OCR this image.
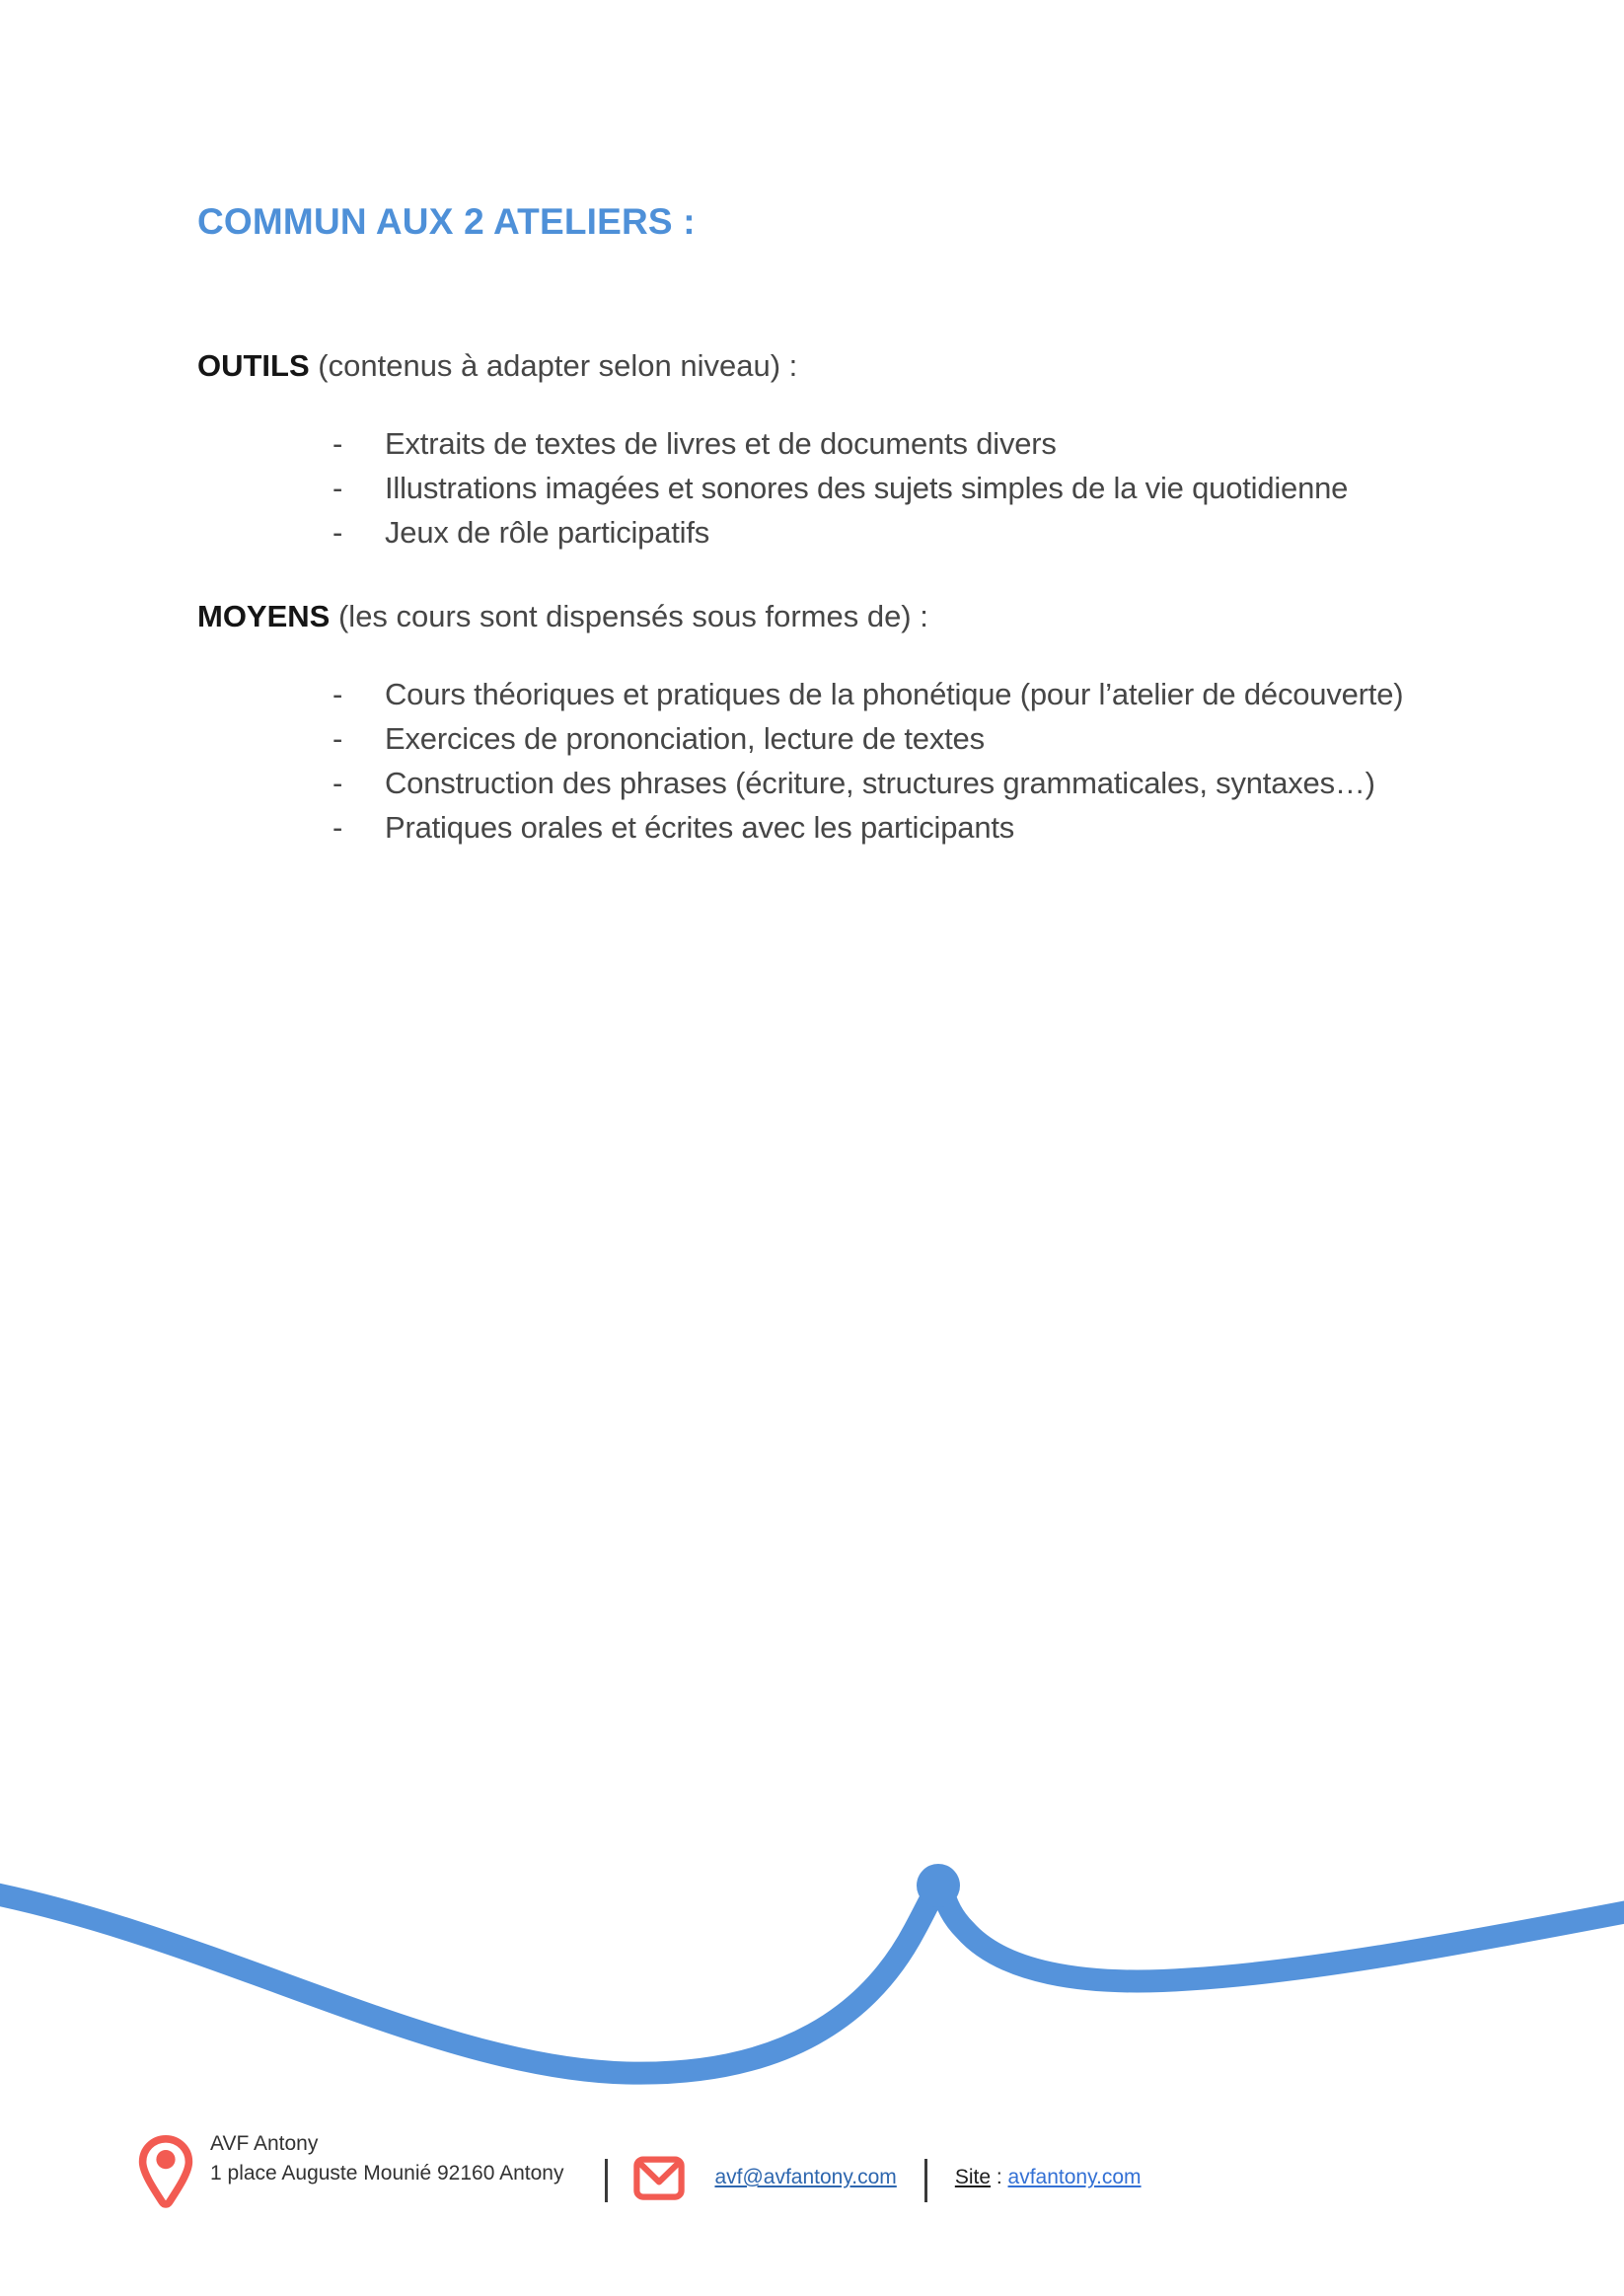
COMMUN AUX 2 ATELIERS :

OUTILS (contenus à adapter selon niveau) :

-	Extraits de textes de livres et de documents divers
-	Illustrations imagées et sonores des sujets simples de la vie quotidienne
-	Jeux de rôle participatifs

MOYENS (les cours sont dispensés sous formes de) :

-	Cours théoriques et pratiques de la phonétique (pour l’atelier de découverte)
-	Exercices de prononciation, lecture de textes
-	Construction des phrases (écriture, structures grammaticales, syntaxes…)
-	Pratiques orales et écrites avec les participants
AVF Antony
1 place Auguste Mounié 92160 Antony	avf@avfantony.com	Site : avfantony.com
